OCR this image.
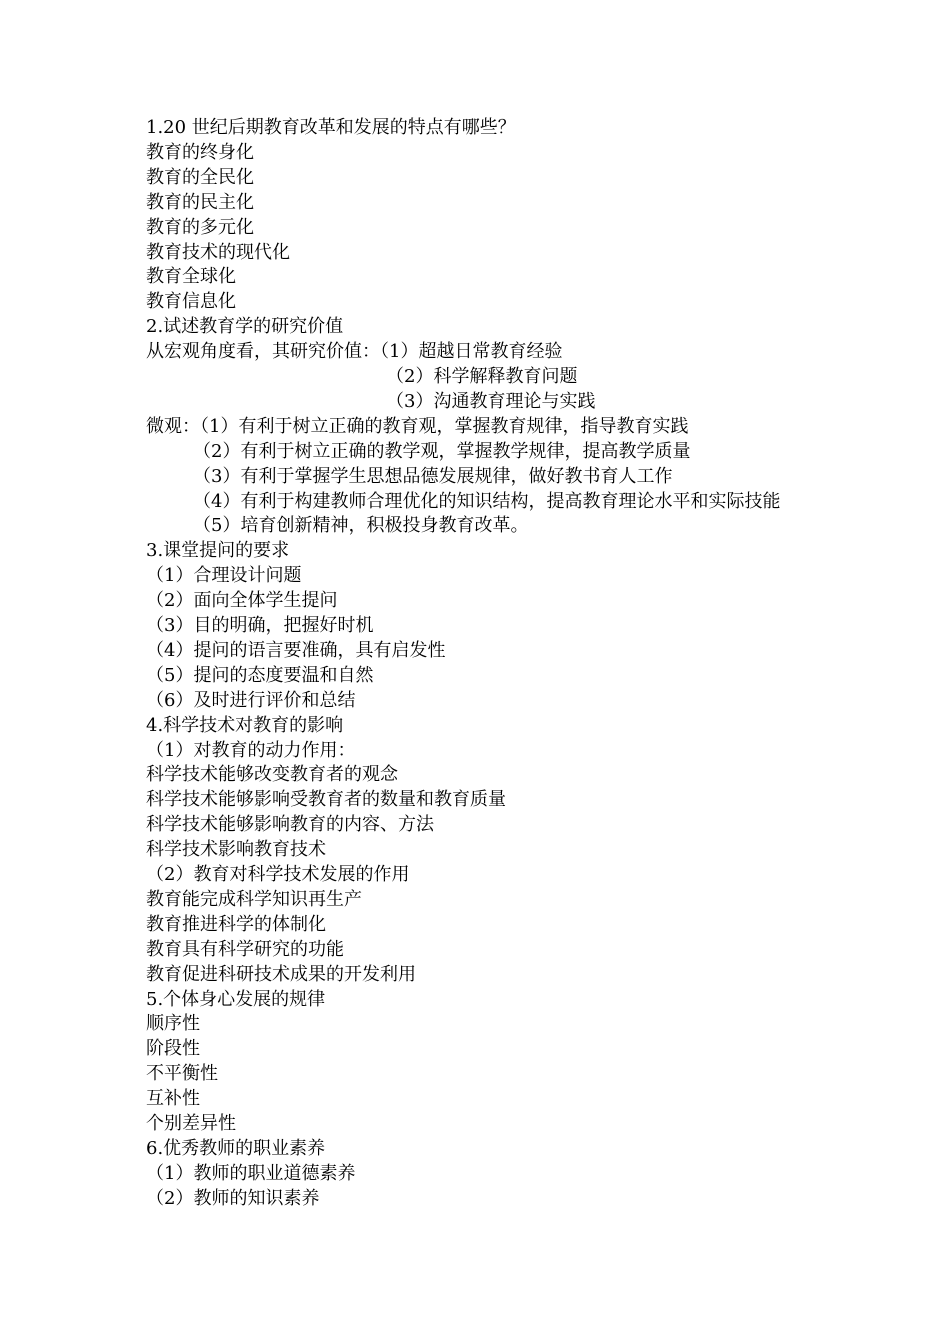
1.20 世纪后期教育改革和发展的特点有哪些？
教育的终身化
教育的全民化
教育的民主化
教育的多元化
教育技术的现代化
教育全球化
教育信息化
2.试述教育学的研究价值
从宏观角度看，其研究价值：（1）超越日常教育经验
（2）科学解释教育问题
（3）沟通教育理论与实践
微观：（1）有利于树立正确的教育观，掌握教育规律，指导教育实践
（2）有利于树立正确的教学观，掌握教学规律，提高教学质量
（3）有利于掌握学生思想品德发展规律，做好教书育人工作
（4）有利于构建教师合理优化的知识结构，提高教育理论水平和实际技能
（5）培育创新精神，积极投身教育改革。
3.课堂提问的要求
（1）合理设计问题
（2）面向全体学生提问
（3）目的明确，把握好时机
（4）提问的语言要准确，具有启发性
（5）提问的态度要温和自然
（6）及时进行评价和总结
4.科学技术对教育的影响
（1）对教育的动力作用：
科学技术能够改变教育者的观念
科学技术能够影响受教育者的数量和教育质量
科学技术能够影响教育的内容、方法
科学技术影响教育技术
（2）教育对科学技术发展的作用
教育能完成科学知识再生产
教育推进科学的体制化
教育具有科学研究的功能
教育促进科研技术成果的开发利用
5.个体身心发展的规律
顺序性
阶段性
不平衡性
互补性
个别差异性
6.优秀教师的职业素养
（1）教师的职业道德素养
（2）教师的知识素养
